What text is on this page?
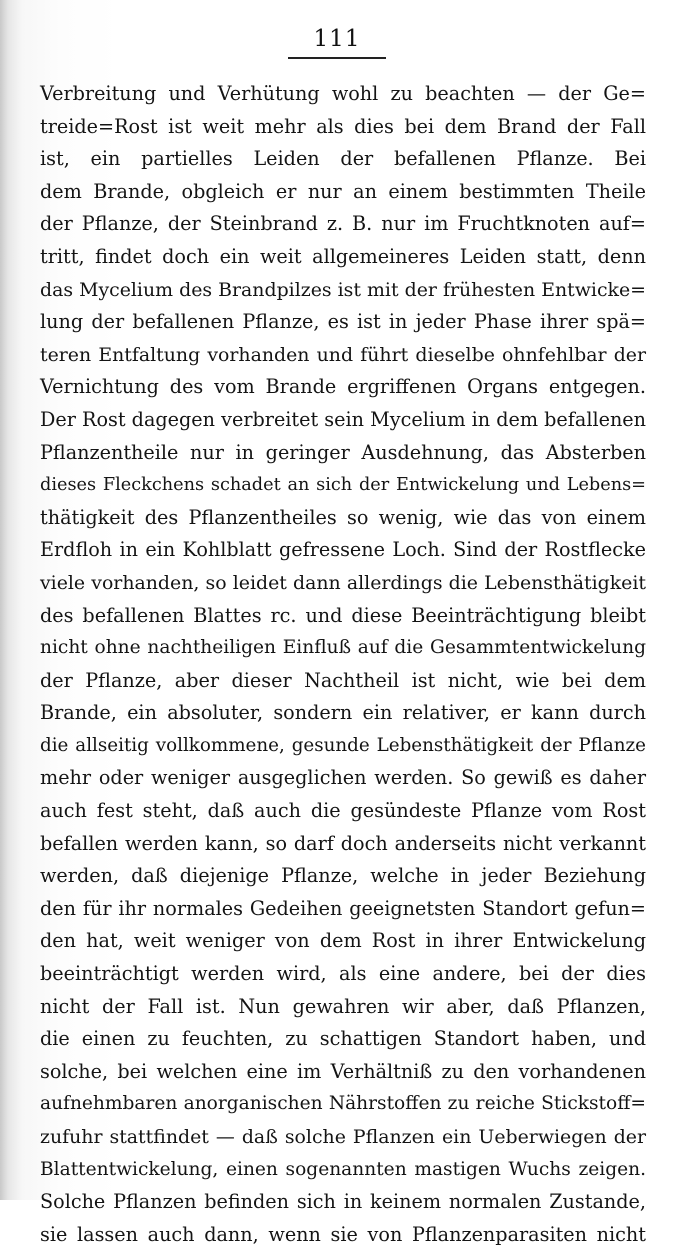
111
Verbreitung und Verhütung wohl zu beachten — der Ge=
treide=Rost ist weit mehr als dies bei dem Brand der Fall
ist, ein partielles Leiden der befallenen Pflanze. Bei
dem Brande, obgleich er nur an einem bestimmten Theile
der Pflanze, der Steinbrand z. B. nur im Fruchtknoten auf=
tritt, findet doch ein weit allgemeineres Leiden statt, denn
das Mycelium des Brandpilzes ist mit der frühesten Entwicke=
lung der befallenen Pflanze, es ist in jeder Phase ihrer spä=
teren Entfaltung vorhanden und führt dieselbe ohnfehlbar der
Vernichtung des vom Brande ergriffenen Organs entgegen.
Der Rost dagegen verbreitet sein Mycelium in dem befallenen
Pflanzentheile nur in geringer Ausdehnung, das Absterben
dieses Fleckchens schadet an sich der Entwickelung und Lebens=
thätigkeit des Pflanzentheiles so wenig, wie das von einem
Erdfloh in ein Kohlblatt gefressene Loch. Sind der Rostflecke
viele vorhanden, so leidet dann allerdings die Lebensthätigkeit
des befallenen Blattes rc. und diese Beeinträchtigung bleibt
nicht ohne nachtheiligen Einfluß auf die Gesammtentwickelung
der Pflanze, aber dieser Nachtheil ist nicht, wie bei dem
Brande, ein absoluter, sondern ein relativer, er kann durch
die allseitig vollkommene, gesunde Lebensthätigkeit der Pflanze
mehr oder weniger ausgeglichen werden. So gewiß es daher
auch fest steht, daß auch die gesündeste Pflanze vom Rost
befallen werden kann, so darf doch anderseits nicht verkannt
werden, daß diejenige Pflanze, welche in jeder Beziehung
den für ihr normales Gedeihen geeignetsten Standort gefun=
den hat, weit weniger von dem Rost in ihrer Entwickelung
beeinträchtigt werden wird, als eine andere, bei der dies
nicht der Fall ist. Nun gewahren wir aber, daß Pflanzen,
die einen zu feuchten, zu schattigen Standort haben, und
solche, bei welchen eine im Verhältniß zu den vorhandenen
aufnehmbaren anorganischen Nährstoffen zu reiche Stickstoff=
zufuhr stattfindet — daß solche Pflanzen ein Ueberwiegen der
Blattentwickelung, einen sogenannten mastigen Wuchs zeigen.
Solche Pflanzen befinden sich in keinem normalen Zustande,
sie lassen auch dann, wenn sie von Pflanzenparasiten nicht
